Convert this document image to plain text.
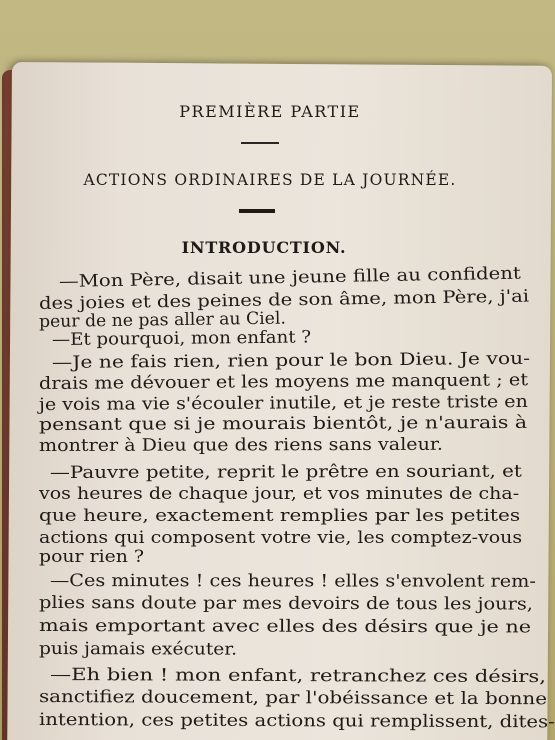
PREMIÈRE PARTIE
ACTIONS ORDINAIRES DE LA JOURNÉE.
INTRODUCTION.
—Mon Père, disait une jeune fille au confident
des joies et des peines de son âme, mon Père, j'ai
peur de ne pas aller au Ciel.
—Et pourquoi, mon enfant ?
—Je ne fais rien, rien pour le bon Dieu. Je vou-
drais me dévouer et les moyens me manquent ; et
je vois ma vie s'écouler inutile, et je reste triste en
pensant que si je mourais bientôt, je n'aurais à
montrer à Dieu que des riens sans valeur.
—Pauvre petite, reprit le prêtre en souriant, et
vos heures de chaque jour, et vos minutes de cha-
que heure, exactement remplies par les petites
actions qui composent votre vie, les comptez-vous
pour rien ?
—Ces minutes ! ces heures ! elles s'envolent rem-
plies sans doute par mes devoirs de tous les jours,
mais emportant avec elles des désirs que je ne
puis jamais exécuter.
—Eh bien ! mon enfant, retranchez ces désirs,
sanctifiez doucement, par l'obéissance et la bonne
intention, ces petites actions qui remplissent, dites-
